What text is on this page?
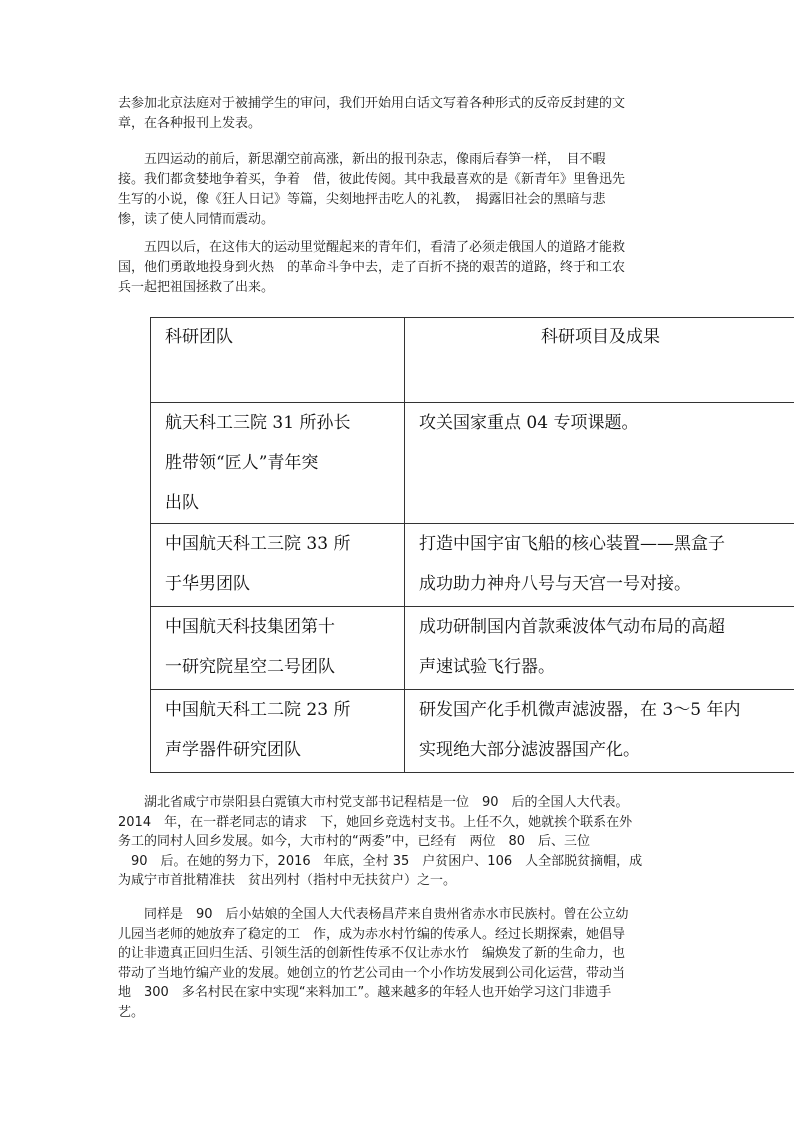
去参加北京法庭对于被捕学生的审问，我们开始用白话文写着各种形式的反帝反封建的文
章，在各种报刊上发表。

　　五四运动的前后，新思潮空前高涨，新出的报刊杂志，像雨后春笋一样，　目不暇
接。我们都贪婪地争着买，争着　借，彼此传阅。其中我最喜欢的是《新青年》里鲁迅先
生写的小说，像《狂人日记》等篇，尖刻地抨击吃人的礼教，　揭露旧社会的黑暗与悲
惨，读了使人同情而震动。

　　五四以后，在这伟大的运动里觉醒起来的青年们，看清了必须走俄国人的道路才能救
国，他们勇敢地投身到火热　的革命斗争中去，走了百折不挠的艰苦的道路，终于和工农
兵一起把祖国拯救了出来。

科研团队	科研项目及成果

航天科工三院 31 所孙长
胜带领“匠人”青年突
出队	攻关国家重点 04 专项课题。

中国航天科工三院 33 所
于华男团队	打造中国宇宙飞船的核心装置——黑盒子
成功助力神舟八号与天宫一号对接。

中国航天科技集团第十
一研究院星空二号团队	成功研制国内首款乘波体气动布局的高超
声速试验飞行器。

中国航天科工二院 23 所
声学器件研究团队	研发国产化手机微声滤波器，在 3～5 年内
实现绝大部分滤波器国产化。

　　湖北省咸宁市崇阳县白霓镇大市村党支部书记程桔是一位　90　后的全国人大代表。
2014　年，在一群老同志的请求　下，她回乡竞选村支书。上任不久，她就挨个联系在外
务工的同村人回乡发展。如今，大市村的“两委”中，已经有　两位　80　后、三位
　90　后。在她的努力下，2016　年底，全村 35　户贫困户、106　人全部脱贫摘帽，成
为咸宁市首批精准扶　贫出列村（指村中无扶贫户）之一。

　　同样是　90　后小姑娘的全国人大代表杨昌芹来自贵州省赤水市民族村。曾在公立幼
儿园当老师的她放弃了稳定的工　作，成为赤水村竹编的传承人。经过长期探索，她倡导
的让非遗真正回归生活、引领生活的创新性传承不仅让赤水竹　编焕发了新的生命力，也
带动了当地竹编产业的发展。她创立的竹艺公司由一个小作坊发展到公司化运营，带动当
地　300　多名村民在家中实现“来料加工”。越来越多的年轻人也开始学习这门非遗手
艺。
